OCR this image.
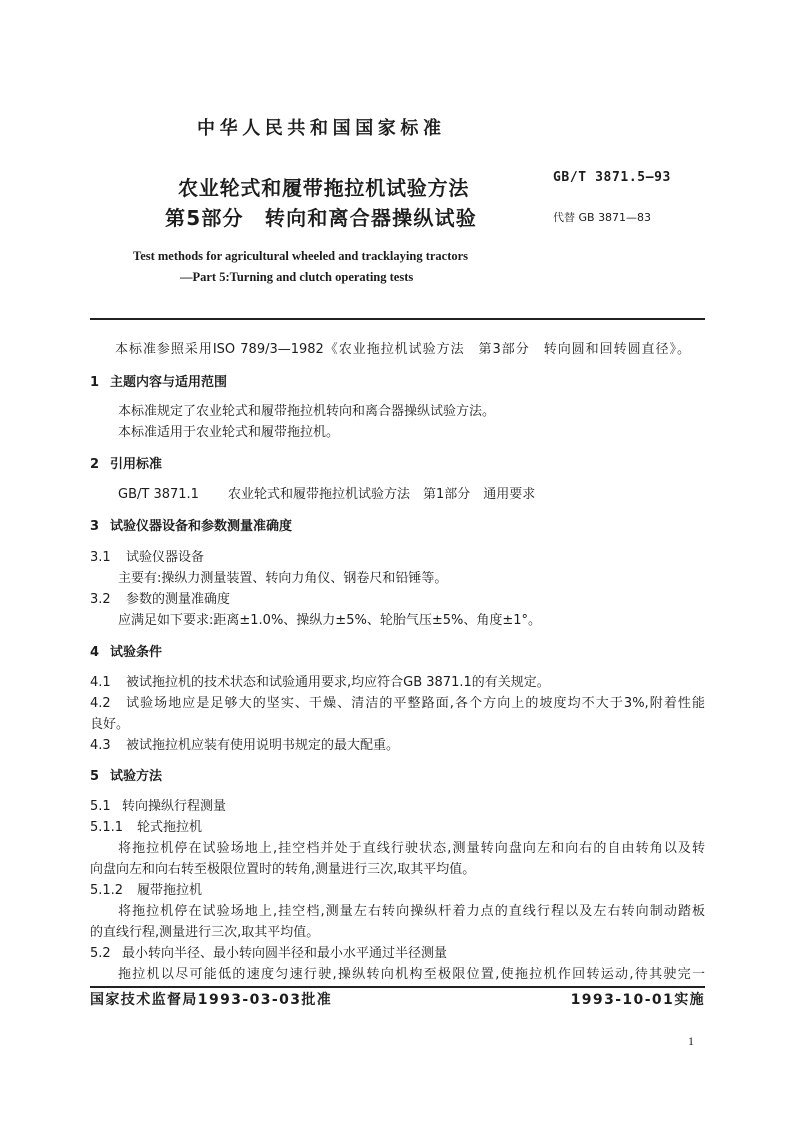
中华人民共和国国家标准
农业轮式和履带拖拉机试验方法
第5部分　转向和离合器操纵试验
GB/T 3871.5—93
代替 GB 3871—83
Test methods for agricultural wheeled and tracklaying tractors
—Part 5:Turning and clutch operating tests
本标准参照采用ISO 789/3—1982《农业拖拉机试验方法　第3部分　转向圆和回转圆直径》。
1 主题内容与适用范围
本标准规定了农业轮式和履带拖拉机转向和离合器操纵试验方法。
本标准适用于农业轮式和履带拖拉机。
2 引用标准
GB/T 3871.1 农业轮式和履带拖拉机试验方法　第1部分　通用要求
3 试验仪器设备和参数测量准确度
3.1 试验仪器设备
主要有:操纵力测量装置、转向力角仪、钢卷尺和铅锤等。
3.2 参数的测量准确度
应满足如下要求:距离±1.0%、操纵力±5%、轮胎气压±5%、角度±1°。
4 试验条件
4.1 被试拖拉机的技术状态和试验通用要求,均应符合GB 3871.1的有关规定。
4.2 试验场地应是足够大的坚实、干燥、清洁的平整路面,各个方向上的坡度均不大于3%,附着性能
良好。
4.3 被试拖拉机应装有使用说明书规定的最大配重。
5 试验方法
5.1 转向操纵行程测量
5.1.1 轮式拖拉机
将拖拉机停在试验场地上,挂空档并处于直线行驶状态,测量转向盘向左和向右的自由转角以及转
向盘向左和向右转至极限位置时的转角,测量进行三次,取其平均值。
5.1.2 履带拖拉机
将拖拉机停在试验场地上,挂空档,测量左右转向操纵杆着力点的直线行程以及左右转向制动踏板
的直线行程,测量进行三次,取其平均值。
5.2 最小转向半径、最小转向圆半径和最小水平通过半径测量
拖拉机以尽可能低的速度匀速行驶,操纵转向机构至极限位置,使拖拉机作回转运动,待其驶完一
国家技术监督局1993-03-03批准	1993-10-01实施
1
